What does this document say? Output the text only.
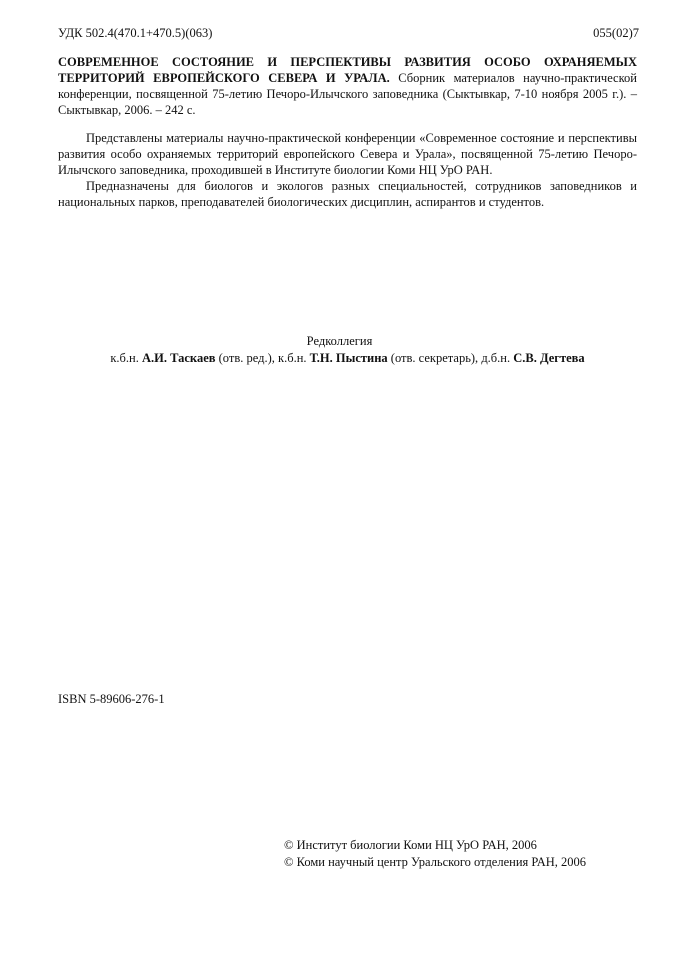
УДК 502.4(470.1+470.5)(063)	055(02)7
СОВРЕМЕННОЕ СОСТОЯНИЕ И ПЕРСПЕКТИВЫ РАЗВИТИЯ ОСОБО ОХРАНЯЕМЫХ ТЕРРИТОРИЙ ЕВРОПЕЙСКОГО СЕВЕРА И УРАЛА. Сборник материалов научно-практической конференции, посвященной 75-летию Печоро-Илычского заповедника (Сыктывкар, 7-10 ноября 2005 г.). – Сыктывкар, 2006. – 242 с.

Представлены материалы научно-практической конференции «Современное состояние и перспективы развития особо охраняемых территорий европейского Севера и Урала», посвященной 75-летию Печоро-Илычского заповедника, проходившей в Институте биологии Коми НЦ УрО РАН.

Предназначены для биологов и экологов разных специальностей, сотрудников заповедников и национальных парков, преподавателей биологических дисциплин, аспирантов и студентов.

Редколлегия
к.б.н. А.И. Таскаев (отв. ред.), к.б.н. Т.Н. Пыстина (отв. секретарь), д.б.н. С.В. Дегтева
ISBN 5-89606-276-1
© Институт биологии Коми НЦ УрО РАН, 2006
© Коми научный центр Уральского отделения РАН, 2006
